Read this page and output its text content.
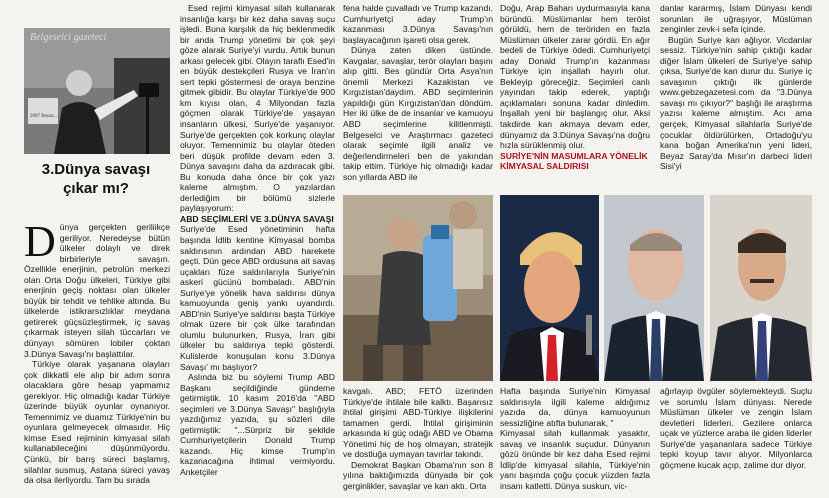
Belgeselci gazeteci
2007 Beyaz ...
3.Dünya savaşı
çıkar mı?

Dünya gerçekten geriliikçe geriliyor. Neredeyse bütün ülkeler dolaylı ve direk birbirleriyle savaşın. Özellikle enerjinin, petrolün merkezi olan Orta Doğu ülkeleri, Türkiye gibi enerjinin geçiş noktası olan ülkeler büyük bir tehdit ve tehlike altında. Bu ülkelerde istikrarsızlıklar meydana getirerek güçsüzleştirmek, iç savaş çıkarmak isteyen silah tüccarları ve dünyayı sömüren lobiler çoktan 3.Dünya Savaşı'nı başlattılar.

Türkiye olarak yaşanana olayları çok dikkatli ele alıp bir adım sonra olacaklara göre hesap yapmamız gerekiyor. Hiç olmadığı kadar Türkiye üzerinde büyük oyunlar oynanıyor. Temennimiz ve duamız Türkiye'nin bu oyunlara gelmeyecek olmasıdır. Hiç kimse Esed rejiminin kimyasal silah kullanabileceğini düşünmüyordu. Çünkü, bir barış süreci başlamış, silahlar susmuş, Astana süreci yavaş da olsa ilerliyordu. Tam bu sırada

Esed rejimi kimyasal silah kullanarak insanlığa karşı bir kez daha savaş suçu işledi. Buna karşılık da hiç beklenmedik bir anda Trump yönetimi bir çok şeyi göze alarak Suriye'yi vurdu. Artık bunun arkası gelecek gibi. Olayın taraflı Esed'in en büyük destekçileri Rusya ve İran'ın sert tepki göstermesi de oraya benzine gitmek gibidir. Bu olaylar Türkiye'de 900 km kıyısı olan, 4 Milyondan fazla göçmen olarak Türkiye'de yaşayan insanların ülkesi, Suriye'de yaşanıyor. Suriye'de gerçekten çok korkunç olaylar oluyor. Temennimiz bu olaylar öteden beri düşük profilde devam eden 3. Dünya savaşını daha da azdıracak gibi. Bu konuda daha önce bir çok yazı kaleme almıştım. O yazılardan derlediğim bir bölümü sizlerle paylaşıyorum:

ABD SEÇİMLERİ VE 3.DÜNYA SAVAŞI

Suriye'de Esed yönetiminin hafta başında İdlib kentine Kimyasal bomba saldırısının ardından ABD harekete geçti. Dün gece ABD ordusuna ait savaş uçakları füze saldırılarıyla Suriye'nin askeri gücünü bombaladı. ABD'nin Suriye'ye yönelik hava saldırısı dünya kamuoyunda geniş yankı uyandırdı. ABD'nin Suriye'ye saldırısı başta Türkiye olmak üzere bir çok ülke tarafından olumlu bulunurken, Rusya, İran gibi ülkeler bu saldırıya tepki gösterdi. Kulislerde konuşulan konu 3.Dünya Savaşı' mı başlıyor?

Aslında biz bu söylemi Trump ABD Başkanı seçildiğinde gündeme getirmiştik. 10 kasım 2016'da "ABD seçimleri ve 3.Dünya Savaşı" başlığıyla yazdığımız yazıda, şu sözleri dile getirmiştik: "...Sürpriz bir şekilde Cumhuriyetçilerin Donald Trump kazandı. Hiç kimse Trump'ın kazanacağına ihtimal vermiyordu. Anketçiler

fena halde çuvalladı ve Trump kazandı. Cumhuriyetçi aday Trump'ın kazanması 3.Dünya Savaşı'nın başlayacağının işareti olsa gerek.

Dünya zaten diken üstünde. Kavgalar, savaşlar, terör olayları başını alıp gitti. Bes gündür Orta Asya'nın önemli Merkezi Kazakistan ve Kırgızistan'daydım. ABD seçimlerinin yapıldığı gün Kırgızistan'dan döndüm. Her iki ülke de de insanlar ve kamuoyu ABD seçimlerine kilitlenmişti. Belgeselci ve Araştırmacı gazeteci olarak seçimle ilgili analiz ve değerlendirmeleri ben de yakından takip ettim. Türkiye hiç olmadığı kadar son yıllarda ABD ile

Doğu, Arap Baharı uydurmasıyla kana büründü. Müslümanlar hem teröist görüldü, hem de teröriden en fazla Müslüman ülkeler zarar gördü. En ağır bedeli de Türkiye ödedi. Cumhuriyetçi aday Donald Trump'ın kazanması Türkiye için inşallah hayırlı olur. Bekleyip göreceğiz. Seçimleri canlı yayından takip ederek, yaptığı açıklamaları sonuna kadar dinledim. İnşallah yeni bir başlangıç olur. Aksi takdirde kan akmaya devam eder, dünyamız da 3.Dünya Savaşı'na doğru hızla sürüklenmiş olur.

SURİYE'NİN MASUMLARA YÖNELİK KİMYASAL SALDIRISI

danlar kararmış, İslam Dünyası kendi sorunları ile uğraşıyor, Müslüman zenginler zevk-i sefa içinde.

Bugün Suriye kan ağlıyor. Vicdanlar sessiz. Türkiye'nin sahip çıktığı kadar diğer İslam ülkeleri de Suriye'ye sahip çıksa, Suriye'de kan durur du. Suriye iç savaşının çıktığı ilk günlerde www.gebzegazetesi.com da "3.Dünya savaşı mı çıkıyor?" başlığı ile araştırma yazısı kaleme almıştım. Acı ama gerçek, Kimyasal silahlarla Suriye'de çocuklar öldürülürken, Ortadoğu'yu kana boğan Amerika'nın yeni lideri, Beyaz Saray'da Mısır'ın darbeci lideri Sisi'yi

kavgalı. ABD; FETÖ üzerinden Türkiye'de ihtilale bile kalktı. Başarısız ihtilal girişimi ABD-Türkiye ilişkilerini tamamen gerdi. İhtilal girişiminin arkasında ki güç odağı ABD ve Obama Yönetimi hiç de hoş olmayan, stratejik ve dostluğa uymayan tavırlar takındı.

Demokrat Başkan Obama'nın son 8 yılına baktığımızda dünyada bir çok gerginlikler, savaşlar ve kan aktı. Orta

Hafta başında Suriye'nin Kimyasal saldırısıyla ilgili kaleme aldığımız yazıda da, dünya kamuoyunun sessizliğine atıfta bulunarak, "

Kimyasal silah kullanmak yasaktır, savaş ve insanlık suçudur. Dünyanın gözü önünde bir kez daha Esed rejimi İdlip'de kimyasal silahla, Türkiye'nin yanı başında çoğu çocuk yüzden fazla insanı katletti. Dünya suskun, vic-

ağırlayıp övgüler söylemekteydi. Suçlu ve sorumlu İslam dünyası. Nerede Müslüman ülkeler ve zengin İslam devletleri liderleri. Gezilere onlarca uçak ve yüzlerce araba ile giden liderler Suriye'de yaşananlara sadece Türkiye tepki koyup tavır alıyor. Milyonlarca göçmene kucak açıp, zalime dur diyor.
